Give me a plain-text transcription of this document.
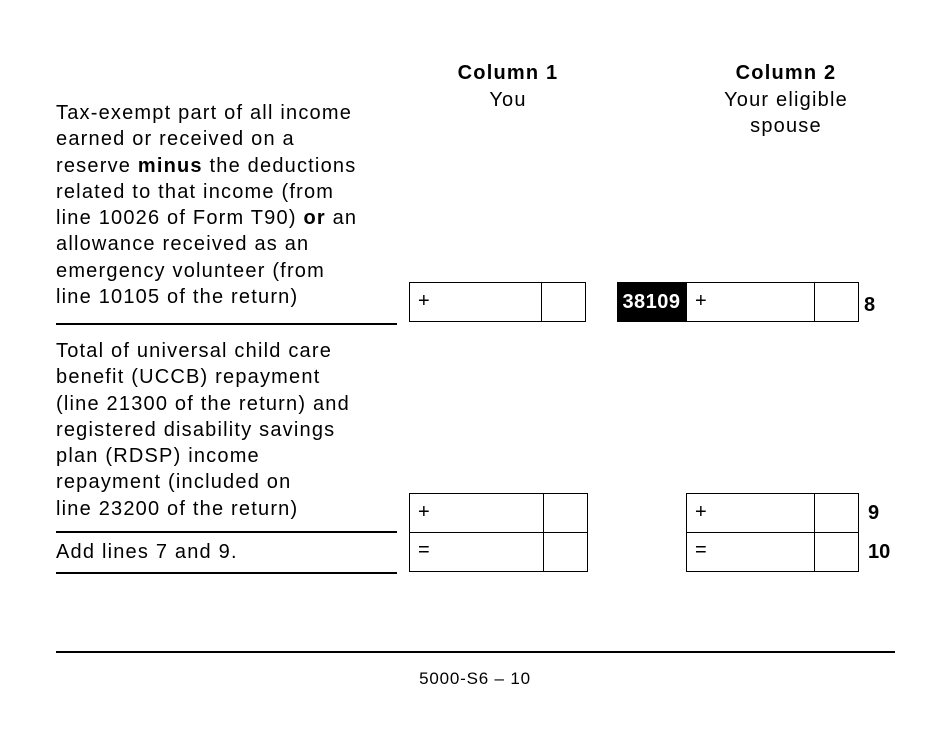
Column 1
You
Column 2
Your eligible
spouse
Tax-exempt part of all income
earned or received on a
reserve minus the deductions
related to that income (from
line 10026 of Form T90) or an
allowance received as an
emergency volunteer (from
line 10105 of the return)	+	38109 +	8
Total of universal child care
benefit (UCCB) repayment
(line 21300 of the return) and
registered disability savings
plan (RDSP) income
repayment (included on
line 23200 of the return)	+	+	9
Add lines 7 and 9.	=	=	10
5000-S6 – 10
